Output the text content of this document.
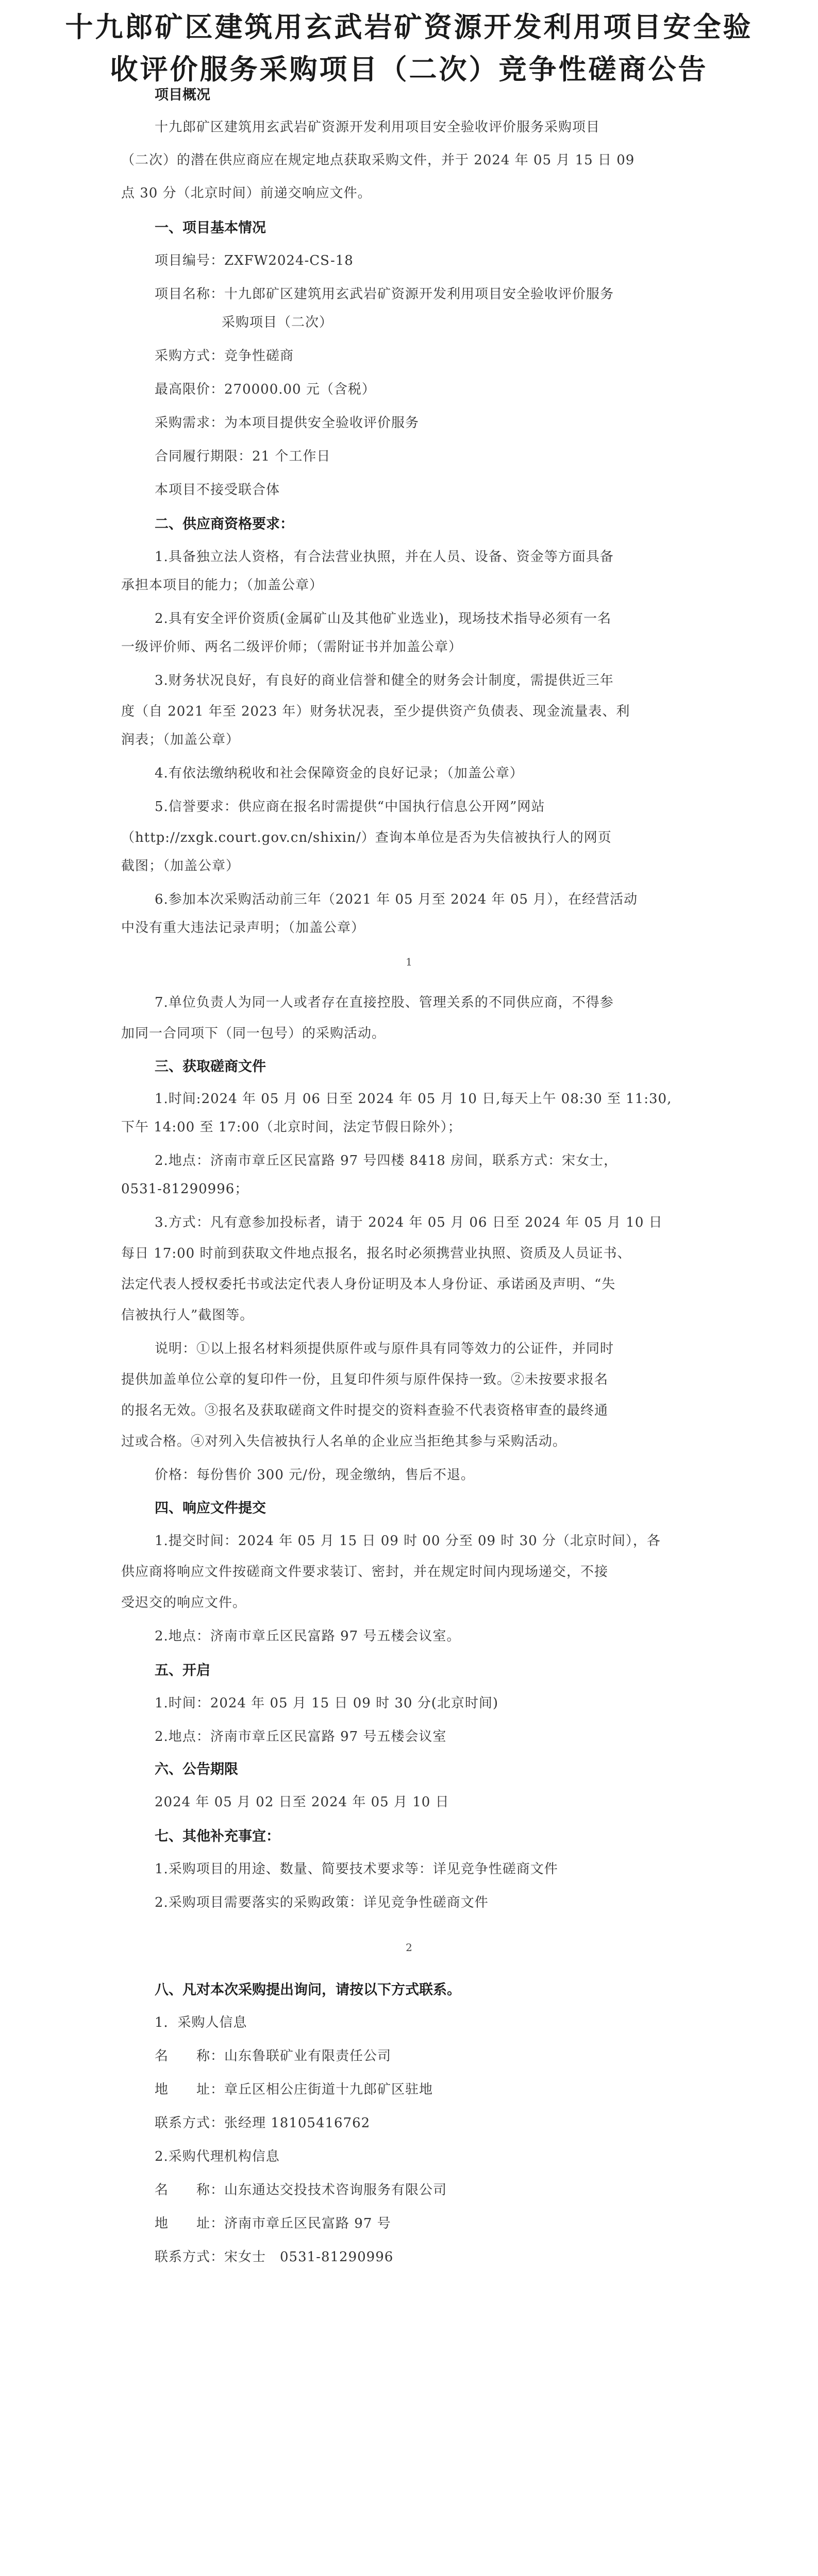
十九郎矿区建筑用玄武岩矿资源开发利用项目安全验
收评价服务采购项目（二次）竞争性磋商公告
项目概况
十九郎矿区建筑用玄武岩矿资源开发利用项目安全验收评价服务采购项目
（二次）的潜在供应商应在规定地点获取采购文件，并于 2024 年 05 月 15 日 09
点 30 分（北京时间）前递交响应文件。
一、项目基本情况
项目编号：ZXFW2024-CS-18
项目名称：十九郎矿区建筑用玄武岩矿资源开发利用项目安全验收评价服务
采购项目（二次）
采购方式：竞争性磋商
最高限价：270000.00 元（含税）
采购需求：为本项目提供安全验收评价服务
合同履行期限：21 个工作日
本项目不接受联合体
二、供应商资格要求：
1.具备独立法人资格，有合法营业执照，并在人员、设备、资金等方面具备
承担本项目的能力；（加盖公章）
2.具有安全评价资质(金属矿山及其他矿业选业)，现场技术指导必须有一名
一级评价师、两名二级评价师；（需附证书并加盖公章）
3.财务状况良好，有良好的商业信誉和健全的财务会计制度，需提供近三年
度（自 2021 年至 2023 年）财务状况表，至少提供资产负债表、现金流量表、利
润表；（加盖公章）
4.有依法缴纳税收和社会保障资金的良好记录；（加盖公章）
5.信誉要求：供应商在报名时需提供“中国执行信息公开网”网站
（http://zxgk.court.gov.cn/shixin/）查询本单位是否为失信被执行人的网页
截图；（加盖公章）
6.参加本次采购活动前三年（2021 年 05 月至 2024 年 05 月），在经营活动
中没有重大违法记录声明；（加盖公章）
1
7.单位负责人为同一人或者存在直接控股、管理关系的不同供应商，不得参
加同一合同项下（同一包号）的采购活动。
三、获取磋商文件
1.时间:2024 年 05 月 06 日至 2024 年 05 月 10 日,每天上午 08:30 至 11:30,
下午 14:00 至 17:00（北京时间，法定节假日除外）；
2.地点：济南市章丘区民富路 97 号四楼 8418 房间，联系方式：宋女士，
0531-81290996；
3.方式：凡有意参加投标者，请于 2024 年 05 月 06 日至 2024 年 05 月 10 日
每日 17:00 时前到获取文件地点报名，报名时必须携营业执照、资质及人员证书、
法定代表人授权委托书或法定代表人身份证明及本人身份证、承诺函及声明、“失
信被执行人”截图等。
说明：①以上报名材料须提供原件或与原件具有同等效力的公证件，并同时
提供加盖单位公章的复印件一份，且复印件须与原件保持一致。②未按要求报名
的报名无效。③报名及获取磋商文件时提交的资料查验不代表资格审查的最终通
过或合格。④对列入失信被执行人名单的企业应当拒绝其参与采购活动。
价格：每份售价 300 元/份，现金缴纳，售后不退。
四、响应文件提交
1.提交时间：2024 年 05 月 15 日 09 时 00 分至 09 时 30 分（北京时间），各
供应商将响应文件按磋商文件要求装订、密封，并在规定时间内现场递交，不接
受迟交的响应文件。
2.地点：济南市章丘区民富路 97 号五楼会议室。
五、开启
1.时间：2024 年 05 月 15 日 09 时 30 分(北京时间)
2.地点：济南市章丘区民富路 97 号五楼会议室
六、公告期限
2024 年 05 月 02 日至 2024 年 05 月 10 日
七、其他补充事宜：
1.采购项目的用途、数量、简要技术要求等：详见竞争性磋商文件
2.采购项目需要落实的采购政策：详见竞争性磋商文件
2
八、凡对本次采购提出询问，请按以下方式联系。
1．采购人信息
名　　称：山东鲁联矿业有限责任公司
地　　址：章丘区相公庄街道十九郎矿区驻地
联系方式：张经理 18105416762
2.采购代理机构信息
名　　称：山东通达交投技术咨询服务有限公司
地　　址：济南市章丘区民富路 97 号
联系方式：宋女士　0531-81290996
